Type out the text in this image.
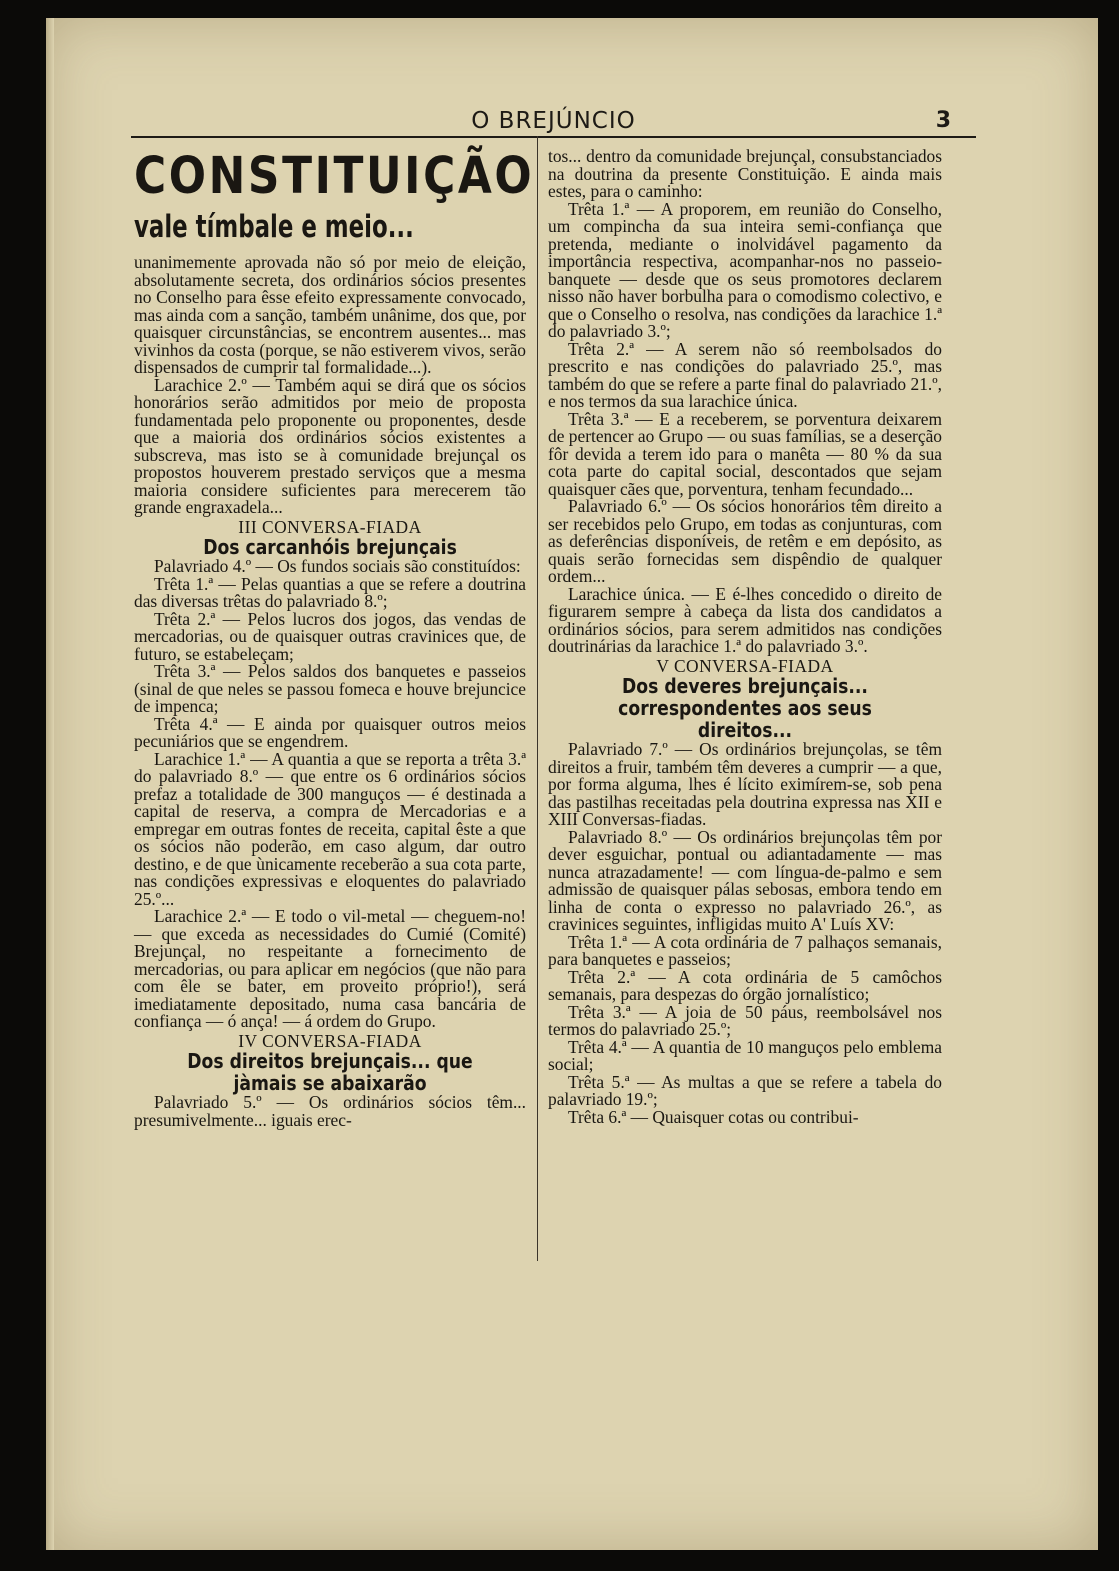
O BREJÚNCIO	3
CONSTITUIÇÃO
vale tímbale e meio...

unanimemente aprovada não só por meio de eleição, absolutamente secreta, dos ordinários sócios presentes no Conselho para êsse efeito expressamente convocado, mas ainda com a sanção, também unânime, dos que, por quaisquer circunstâncias, se encontrem ausentes... mas vivinhos da costa (porque, se não estiverem vivos, serão dispensados de cumprir tal formalidade...).

Larachice 2.º — Também aqui se dirá que os sócios honorários serão admitidos por meio de proposta fundamentada pelo proponente ou proponentes, desde que a maioria dos ordinários sócios existentes a subscreva, mas isto se à comunidade brejunçal os propostos houverem prestado serviços que a mesma maioria considere suficientes para merecerem tão grande engraxadela...

III CONVERSA-FIADA
Dos carcanhóis brejunçais

Palavriado 4.º — Os fundos sociais são constituídos:

Trêta 1.ª — Pelas quantias a que se refere a doutrina das diversas trêtas do palavriado 8.º;

Trêta 2.ª — Pelos lucros dos jogos, das vendas de mercadorias, ou de quaisquer outras cravinices que, de futuro, se estabeleçam;

Trêta 3.ª — Pelos saldos dos banquetes e passeios (sinal de que neles se passou fomeca e houve brejuncice de impenca;

Trêta 4.ª — E ainda por quaisquer outros meios pecuniários que se engendrem.

Larachice 1.ª — A quantia a que se reporta a trêta 3.ª do palavriado 8.º — que entre os 6 ordinários sócios prefaz a totalidade de 300 manguços — é destinada a capital de reserva, a compra de Mercadorias e a empregar em outras fontes de receita, capital êste a que os sócios não poderão, em caso algum, dar outro destino, e de que ùnicamente receberão a sua cota parte, nas condições expressivas e eloquentes do palavriado 25.º...

Larachice 2.ª — E todo o vil-metal — cheguem-no! — que exceda as necessidades do Cumié (Comité) Brejunçal, no respeitante a fornecimento de mercadorias, ou para aplicar em negócios (que não para com êle se bater, em proveito próprio!), será imediatamente depositado, numa casa bancária de confiança — ó ança! — á ordem do Grupo.

IV CONVERSA-FIADA
Dos direitos brejunçais... que jàmais se abaixarão

Palavriado 5.º — Os ordinários sócios têm... presumivelmente... iguais erec-

tos... dentro da comunidade brejunçal, consubstanciados na doutrina da presente Constituição. E ainda mais estes, para o caminho:

Trêta 1.ª — A proporem, em reunião do Conselho, um compincha da sua inteira semi-confiança que pretenda, mediante o inolvidável pagamento da importância respectiva, acompanhar-nos no passeio-banquete — desde que os seus promotores declarem nisso não haver borbulha para o comodismo colectivo, e que o Conselho o resolva, nas condições da larachice 1.ª do palavriado 3.º;

Trêta 2.ª — A serem não só reembolsados do prescrito e nas condições do palavriado 25.º, mas também do que se refere a parte final do palavriado 21.º, e nos termos da sua larachice única.

Trêta 3.ª — E a receberem, se porventura deixarem de pertencer ao Grupo — ou suas famílias, se a deserção fôr devida a terem ido para o manêta — 80 % da sua cota parte do capital social, descontados que sejam quaisquer cães que, porventura, tenham fecundado...

Palavriado 6.º — Os sócios honorários têm direito a ser recebidos pelo Grupo, em todas as conjunturas, com as deferências disponíveis, de retêm e em depósito, as quais serão fornecidas sem dispêndio de qualquer ordem...

Larachice única. — E é-lhes concedido o direito de figurarem sempre à cabeça da lista dos candidatos a ordinários sócios, para serem admitidos nas condições doutrinárias da larachice 1.ª do palavriado 3.º.

V CONVERSA-FIADA
Dos deveres brejunçais... correspondentes aos seus direitos...

Palavriado 7.º — Os ordinários brejunçolas, se têm direitos a fruir, também têm deveres a cumprir — a que, por forma alguma, lhes é lícito eximírem-se, sob pena das pastilhas receitadas pela doutrina expressa nas XII e XIII Conversas-fiadas.

Palavriado 8.º — Os ordinários brejunçolas têm por dever esguichar, pontual ou adiantadamente — mas nunca atrazadamente! — com língua-de-palmo e sem admissão de quaisquer pálas sebosas, embora tendo em linha de conta o expresso no palavriado 26.º, as cravinices seguintes, infligidas muito A' Luís XV:

Trêta 1.ª — A cota ordinária de 7 palhaços semanais, para banquetes e passeios;

Trêta 2.ª — A cota ordinária de 5 camôchos semanais, para despezas do órgão jornalístico;

Trêta 3.ª — A joia de 50 páus, reembolsável nos termos do palavriado 25.º;

Trêta 4.ª — A quantia de 10 manguços pelo emblema social;

Trêta 5.ª — As multas a que se refere a tabela do palavriado 19.º;

Trêta 6.ª — Quaisquer cotas ou contribui-
